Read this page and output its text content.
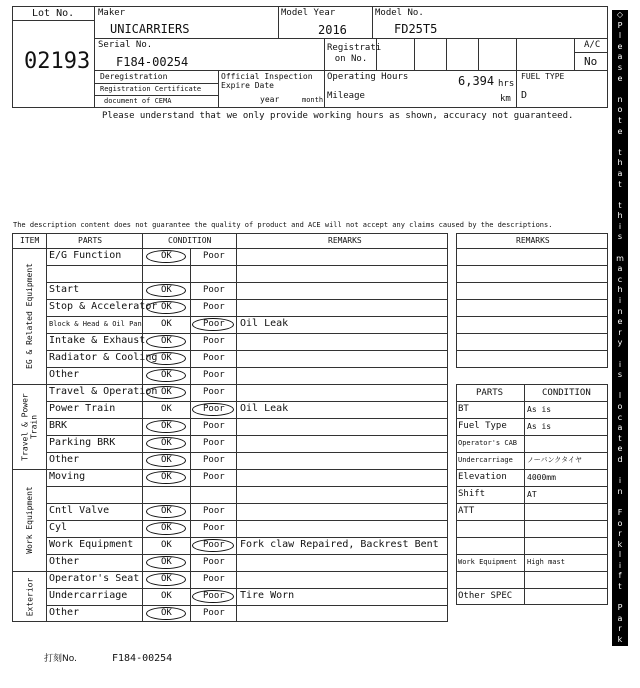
Lot No.
02193
Maker
UNICARRIERS
Model Year
2016
Model No.
FD25T5
Serial No.
F184-00254
Registrati on No.
A/C
No
Deregistration
Registration Certificate
document of CEMA
Official Inspection Expire Date
year	month
Operating Hours	6,394 hrs
Mileage	km
FUEL TYPE
D
Please understand that we only provide working hours as shown, accuracy not guaranteed.
The description content does not guarantee the quality of product and ACE will not accept any claims caused by the descriptions.
打刻No.	F184-00254
◇
P
l
e
a
s
e

n
o
t
e

t
h
a
t

t
h
i
s

m
a
c
h
i
n
e
r
y

i
s

l
o
c
a
t
e
d

i
n

F
o
r
k
l
i
f
t

P
a
r
k
i
n
g
◇
ITEM	PARTS	CONDITION	REMARKS
EG & Related Equipment
Travel & Power Train
Work Equipment
Exterior
E/G Function	OK	Poor
Start	OK	Poor
Stop & Accelerator OK	Poor
Block & Head & Oil Pan OK	Poor Oil Leak
Intake & Exhaust OK	Poor
Radiator & Cooling OK	Poor
Other	OK	Poor
Travel & Operation OK	Poor
Power Train	OK	Poor Oil Leak
BRK	OK	Poor
Parking BRK	OK	Poor
Other	OK	Poor
Moving	OK	Poor
Cntl Valve	OK	Poor
Cyl	OK	Poor
Work Equipment	OK	Poor Fork claw Repaired, Backrest Bent
Other	OK	Poor
Operator's Seat OK	Poor
Undercarriage	OK	Poor Tire Worn
Other	OK	Poor
REMARKS
PARTS	CONDITION
BT	As is
Fuel Type	As is
Operator's CAB
Undercarriage ノーパンクタイヤ
Elevation	4000mm
Shift	AT
ATT
Work Equipment High mast
Other SPEC
